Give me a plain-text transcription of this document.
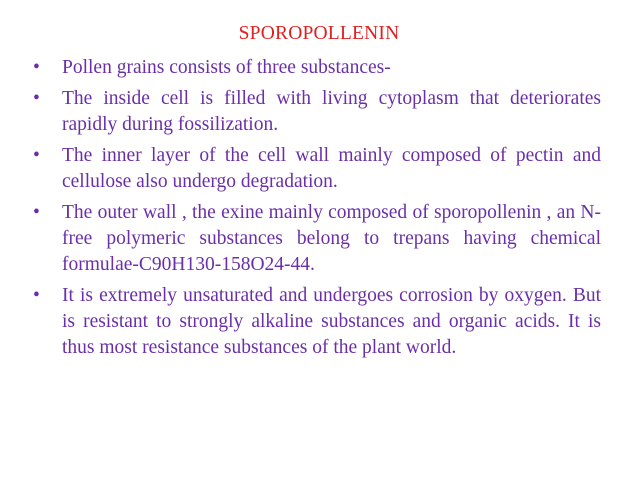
SPOROPOLLENIN
• Pollen grains consists of three substances-
• The inside cell is filled with living cytoplasm that deteriorates rapidly during fossilization.
• The inner layer of the cell wall mainly composed of pectin and cellulose also undergo degradation.
• The outer wall , the exine mainly composed of sporopollenin , an N-free polymeric substances belong to trepans having chemical formulae-C90H130-158O24-44.
• It is extremely unsaturated and undergoes corrosion by oxygen. But is resistant to strongly alkaline substances and organic acids. It is thus most resistance substances of the plant world.
